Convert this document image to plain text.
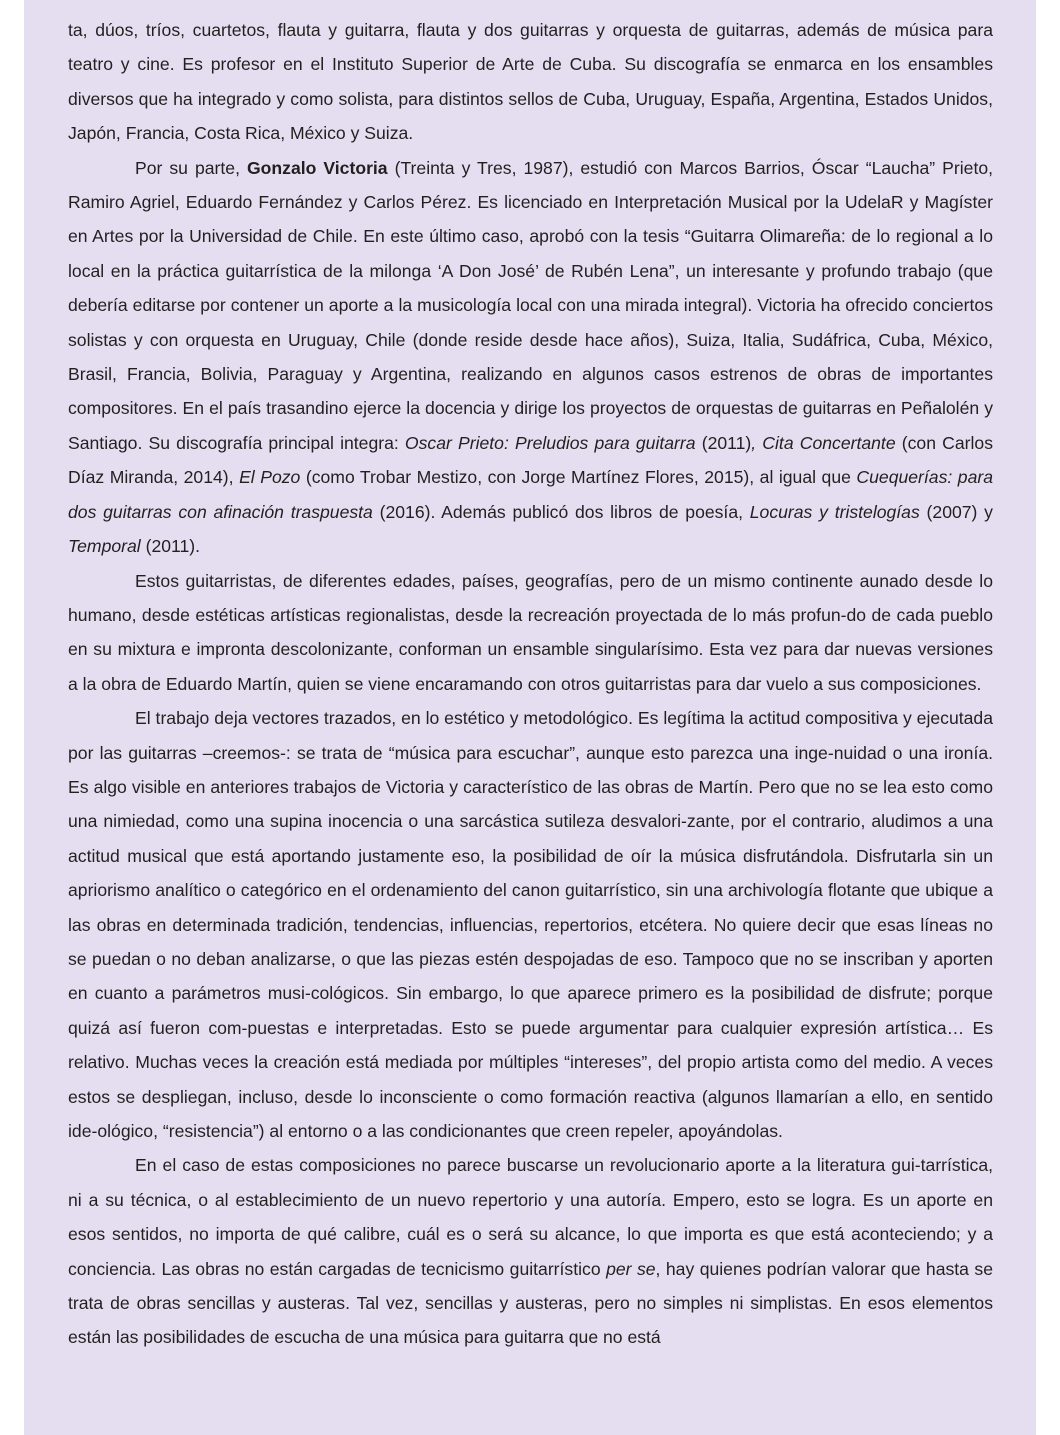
ta, dúos, tríos, cuartetos, flauta y guitarra, flauta y dos guitarras y orquesta de guitarras, además de música para teatro y cine. Es profesor en el Instituto Superior de Arte de Cuba. Su discografía se enmarca en los ensambles diversos que ha integrado y como solista, para distintos sellos de Cuba, Uruguay, España, Argentina, Estados Unidos, Japón, Francia, Costa Rica, México y Suiza.

Por su parte, Gonzalo Victoria (Treinta y Tres, 1987), estudió con Marcos Barrios, Óscar “Laucha” Prieto, Ramiro Agriel, Eduardo Fernández y Carlos Pérez. Es licenciado en Interpretación Musical por la UdelaR y Magíster en Artes por la Universidad de Chile. En este último caso, aprobó con la tesis “Guitarra Olimareña: de lo regional a lo local en la práctica guitarrística de la milonga ‘A Don José’ de Rubén Lena”, un interesante y profundo trabajo (que debería editarse por contener un aporte a la musicología local con una mirada integral). Victoria ha ofrecido conciertos solistas y con orquesta en Uruguay, Chile (donde reside desde hace años), Suiza, Italia, Sudáfrica, Cuba, México, Brasil, Francia, Bolivia, Paraguay y Argentina, realizando en algunos casos estrenos de obras de importantes compositores. En el país trasandino ejerce la docencia y dirige los proyectos de orquestas de guitarras en Peñalolén y Santiago. Su discografía principal integra: Oscar Prieto: Preludios para guitarra (2011), Cita Concertante (con Carlos Díaz Miranda, 2014), El Pozo (como Trobar Mestizo, con Jorge Martínez Flores, 2015), al igual que Cuequerías: para dos guitarras con afinación traspuesta (2016). Además publicó dos libros de poesía, Locuras y tristelogías (2007) y Temporal (2011).

Estos guitarristas, de diferentes edades, países, geografías, pero de un mismo continente aunado desde lo humano, desde estéticas artísticas regionalistas, desde la recreación proyectada de lo más profun-do de cada pueblo en su mixtura e impronta descolonizante, conforman un ensamble singularísimo. Esta vez para dar nuevas versiones a la obra de Eduardo Martín, quien se viene encaramando con otros guitarristas para dar vuelo a sus composiciones.

El trabajo deja vectores trazados, en lo estético y metodológico. Es legítima la actitud compositiva y ejecutada por las guitarras –creemos-: se trata de “música para escuchar”, aunque esto parezca una inge-nuidad o una ironía. Es algo visible en anteriores trabajos de Victoria y característico de las obras de Martín. Pero que no se lea esto como una nimiedad, como una supina inocencia o una sarcástica sutileza desvalori-zante, por el contrario, aludimos a una actitud musical que está aportando justamente eso, la posibilidad de oír la música disfrutándola. Disfrutarla sin un apriorismo analítico o categórico en el ordenamiento del canon guitarrístico, sin una archivología flotante que ubique a las obras en determinada tradición, tendencias, influencias, repertorios, etcétera. No quiere decir que esas líneas no se puedan o no deban analizarse, o que las piezas estén despojadas de eso. Tampoco que no se inscriban y aporten en cuanto a parámetros musi-cológicos. Sin embargo, lo que aparece primero es la posibilidad de disfrute; porque quizá así fueron com-puestas e interpretadas. Esto se puede argumentar para cualquier expresión artística… Es relativo. Muchas veces la creación está mediada por múltiples “intereses”, del propio artista como del medio. A veces estos se despliegan, incluso, desde lo inconsciente o como formación reactiva (algunos llamarían a ello, en sentido ide-ológico, “resistencia”) al entorno o a las condicionantes que creen repeler, apoyándolas.

En el caso de estas composiciones no parece buscarse un revolucionario aporte a la literatura gui-tarrística, ni a su técnica, o al establecimiento de un nuevo repertorio y una autoría. Empero, esto se logra. Es un aporte en esos sentidos, no importa de qué calibre, cuál es o será su alcance, lo que importa es que está aconteciendo; y a conciencia. Las obras no están cargadas de tecnicismo guitarrístico per se, hay quienes podrían valorar que hasta se trata de obras sencillas y austeras. Tal vez, sencillas y austeras, pero no simples ni simplistas. En esos elementos están las posibilidades de escucha de una música para guitarra que no está
